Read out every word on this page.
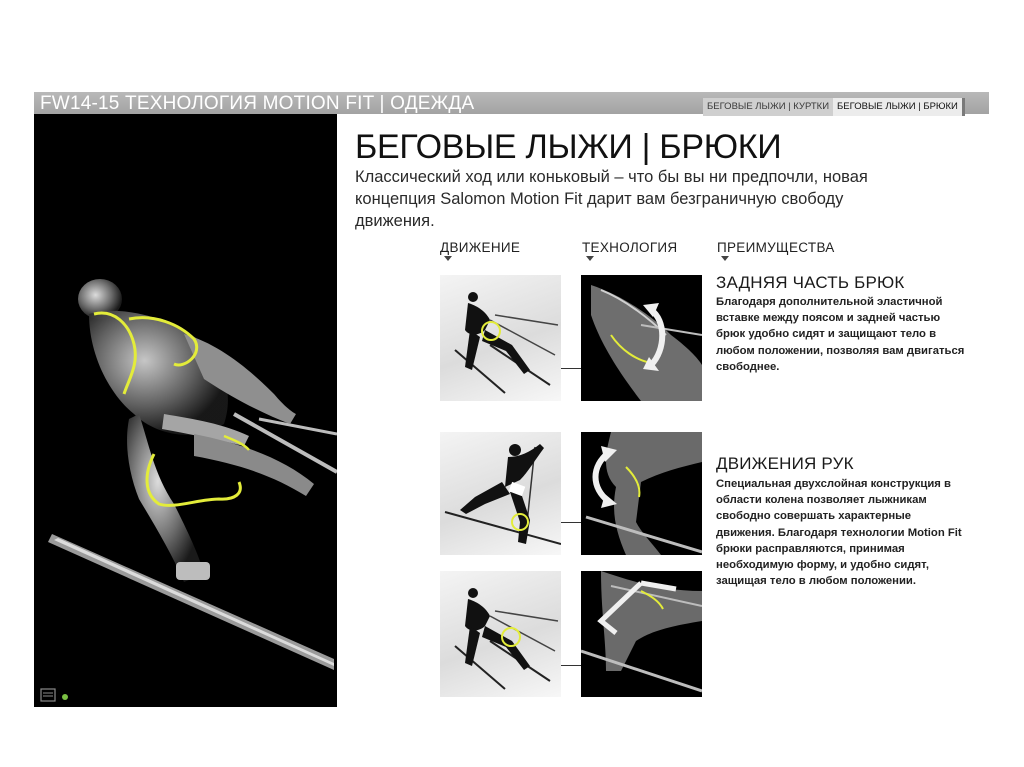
FW14-15 ТЕХНОЛОГИЯ MOTION FIT | ОДЕЖДА	БЕГОВЫЕ ЛЫЖИ | КУРТКИ БЕГОВЫЕ ЛЫЖИ | БРЮКИ
БЕГОВЫЕ ЛЫЖИ | БРЮКИ
Классический ход или коньковый – что бы вы ни предпочли, новая концепция Salomon Motion Fit дарит вам безграничную свободу движения.
ДВИЖЕНИЕ	ТЕХНОЛОГИЯ	ПРЕИМУЩЕСТВА
ЗАДНЯЯ ЧАСТЬ БРЮК
Благодаря дополнительной эластичной вставке между поясом и задней частью брюк удобно сидят и защищают тело в любом положении, позволяя вам двигаться свободнее.
ДВИЖЕНИЯ РУК
Специальная двухслойная конструкция в области колена позволяет лыжникам свободно совершать характерные движения. Благодаря технологии Motion Fit брюки расправляются, принимая необходимую форму, и удобно сидят, защищая тело в любом положении.
